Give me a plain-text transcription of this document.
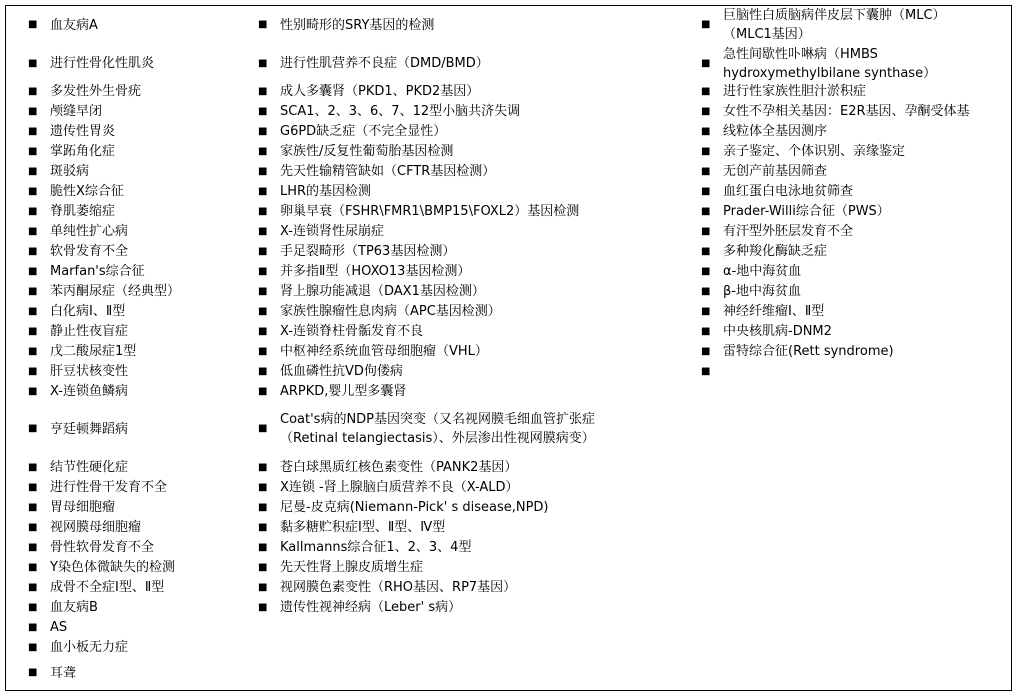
■ 血友病A
■ 进行性骨化性肌炎
■ 多发性外生骨疣
■ 颅缝早闭
■ 遗传性胃炎
■ 掌跖角化症
■ 斑驳病
■ 脆性X综合征
■ 脊肌萎缩症
■ 单纯性扩心病
■ 软骨发育不全
■ Marfan's综合征
■ 苯丙酮尿症（经典型）
■ 白化病Ⅰ、Ⅱ型
■ 静止性夜盲症
■ 戊二酸尿症1型
■ 肝豆状核变性
■ X-连锁鱼鳞病
■ 亨廷顿舞蹈病
■ 结节性硬化症
■ 进行性骨干发育不全
■ 胃母细胞瘤
■ 视网膜母细胞瘤
■ 骨性软骨发育不全
■ Y染色体微缺失的检测
■ 成骨不全症Ⅰ型、Ⅱ型
■ 血友病B
■ AS
■ 血小板无力症
■ 耳聋
■ 性别畸形的SRY基因的检测
■ 进行性肌营养不良症（DMD/BMD）
■ 成人多囊肾（PKD1、PKD2基因）
■ SCA1、2、3、6、7、12型小脑共济失调
■ G6PD缺乏症（不完全显性）
■ 家族性/反复性葡萄胎基因检测
■ 先天性输精管缺如（CFTR基因检测）
■ LHR的基因检测
■ 卵巢早衰（FSHR\FMR1\BMP15\FOXL2）基因检测
■ X-连锁肾性尿崩症
■ 手足裂畸形（TP63基因检测）
■ 并多指Ⅱ型（HOXO13基因检测）
■ 肾上腺功能减退（DAX1基因检测）
■ 家族性腺瘤性息肉病（APC基因检测）
■ X-连锁脊柱骨骺发育不良
■ 中枢神经系统血管母细胞瘤（VHL）
■ 低血磷性抗VD佝偻病
■ ARPKD,婴儿型多囊肾
■
Coat's病的NDP基因突变（又名视网膜毛细血管扩张症
（Retinal telangiectasis）、外层渗出性视网膜病变）
■ 苍白球黑质红核色素变性（PANK2基因）
■ X连锁 -肾上腺脑白质营养不良（X-ALD）
■ 尼曼-皮克病(Niemann-Pick' s disease,NPD)
■ 黏多糖贮积症Ⅰ型、Ⅱ型、Ⅳ型
■ Kallmanns综合征1、2、3、4型
■ 先天性肾上腺皮质增生症
■ 视网膜色素变性（RHO基因、RP7基因）
■ 遗传性视神经病（Leber' s病）
■
巨脑性白质脑病伴皮层下囊肿（MLC）
（MLC1基因）
■
急性间歇性卟啉病（HMBS
hydroxymethylbilane synthase）
■ 进行性家族性胆汁淤积症
■ 女性不孕相关基因：E2R基因、孕酮受体基
■ 线粒体全基因测序
■ 亲子鉴定、个体识别、亲缘鉴定
■ 无创产前基因筛查
■ 血红蛋白电泳地贫筛查
■ Prader-Willi综合征（PWS）
■ 有汗型外胚层发育不全
■ 多种羧化酶缺乏症
■ α-地中海贫血
■ β-地中海贫血
■ 神经纤维瘤Ⅰ、Ⅱ型
■ 中央核肌病-DNM2
■ 雷特综合征(Rett syndrome)
■
